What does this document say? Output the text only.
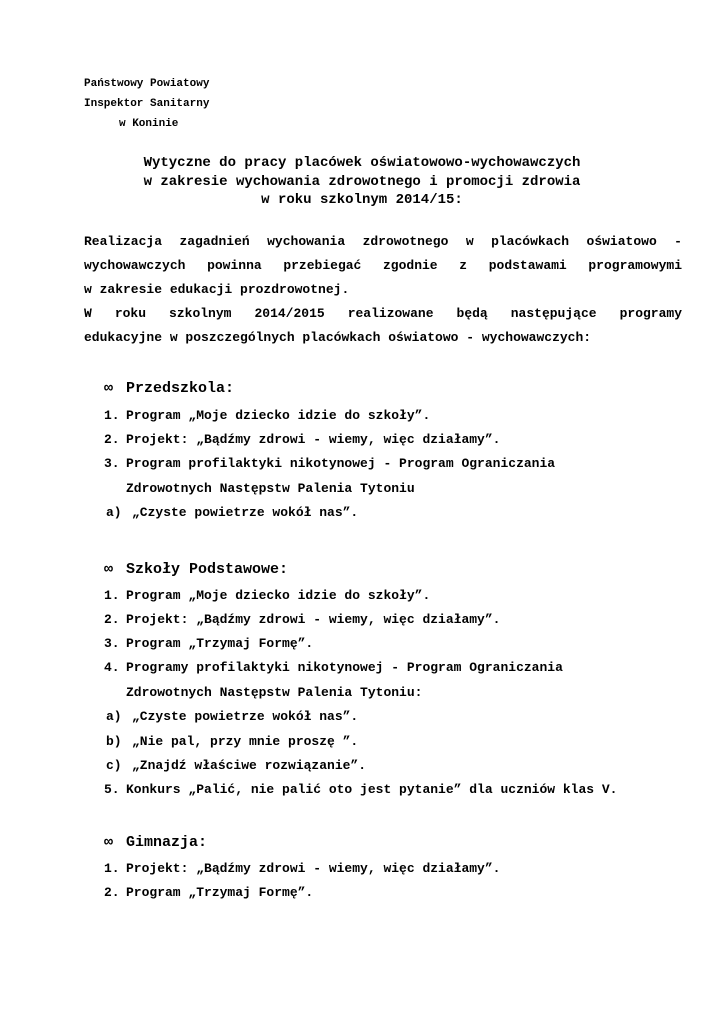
Państwowy Powiatowy
Inspektor Sanitarny
w Koninie
Wytyczne do pracy placówek oświatowowo-wychowawczych
w zakresie wychowania zdrowotnego i promocji zdrowia
w roku szkolnym 2014/15:
Realizacja zagadnień wychowania zdrowotnego w placówkach oświatowo -
wychowawczych powinna przebiegać zgodnie z podstawami programowymi
w zakresie edukacji prozdrowotnej.
W roku szkolnym 2014/2015 realizowane będą następujące programy
edukacyjne w poszczególnych placówkach oświatowo - wychowawczych:
∞ Przedszkola:
1. Program „Moje dziecko idzie do szkoły”.
2. Projekt: „Bądźmy zdrowi - wiemy, więc działamy”.
3. Program profilaktyki nikotynowej - Program Ograniczania
Zdrowotnych Następstw Palenia Tytoniu
a) „Czyste powietrze wokół nas”.
∞ Szkoły Podstawowe:
1. Program „Moje dziecko idzie do szkoły”.
2. Projekt: „Bądźmy zdrowi - wiemy, więc działamy”.
3. Program „Trzymaj Formę”.
4. Programy profilaktyki nikotynowej - Program Ograniczania
Zdrowotnych Następstw Palenia Tytoniu:
a) „Czyste powietrze wokół nas”.
b) „Nie pal, przy mnie proszę ”.
c) „Znajdź właściwe rozwiązanie”.
5. Konkurs „Palić, nie palić oto jest pytanie” dla uczniów klas V.
∞ Gimnazja:
1. Projekt: „Bądźmy zdrowi - wiemy, więc działamy”.
2. Program „Trzymaj Formę”.
